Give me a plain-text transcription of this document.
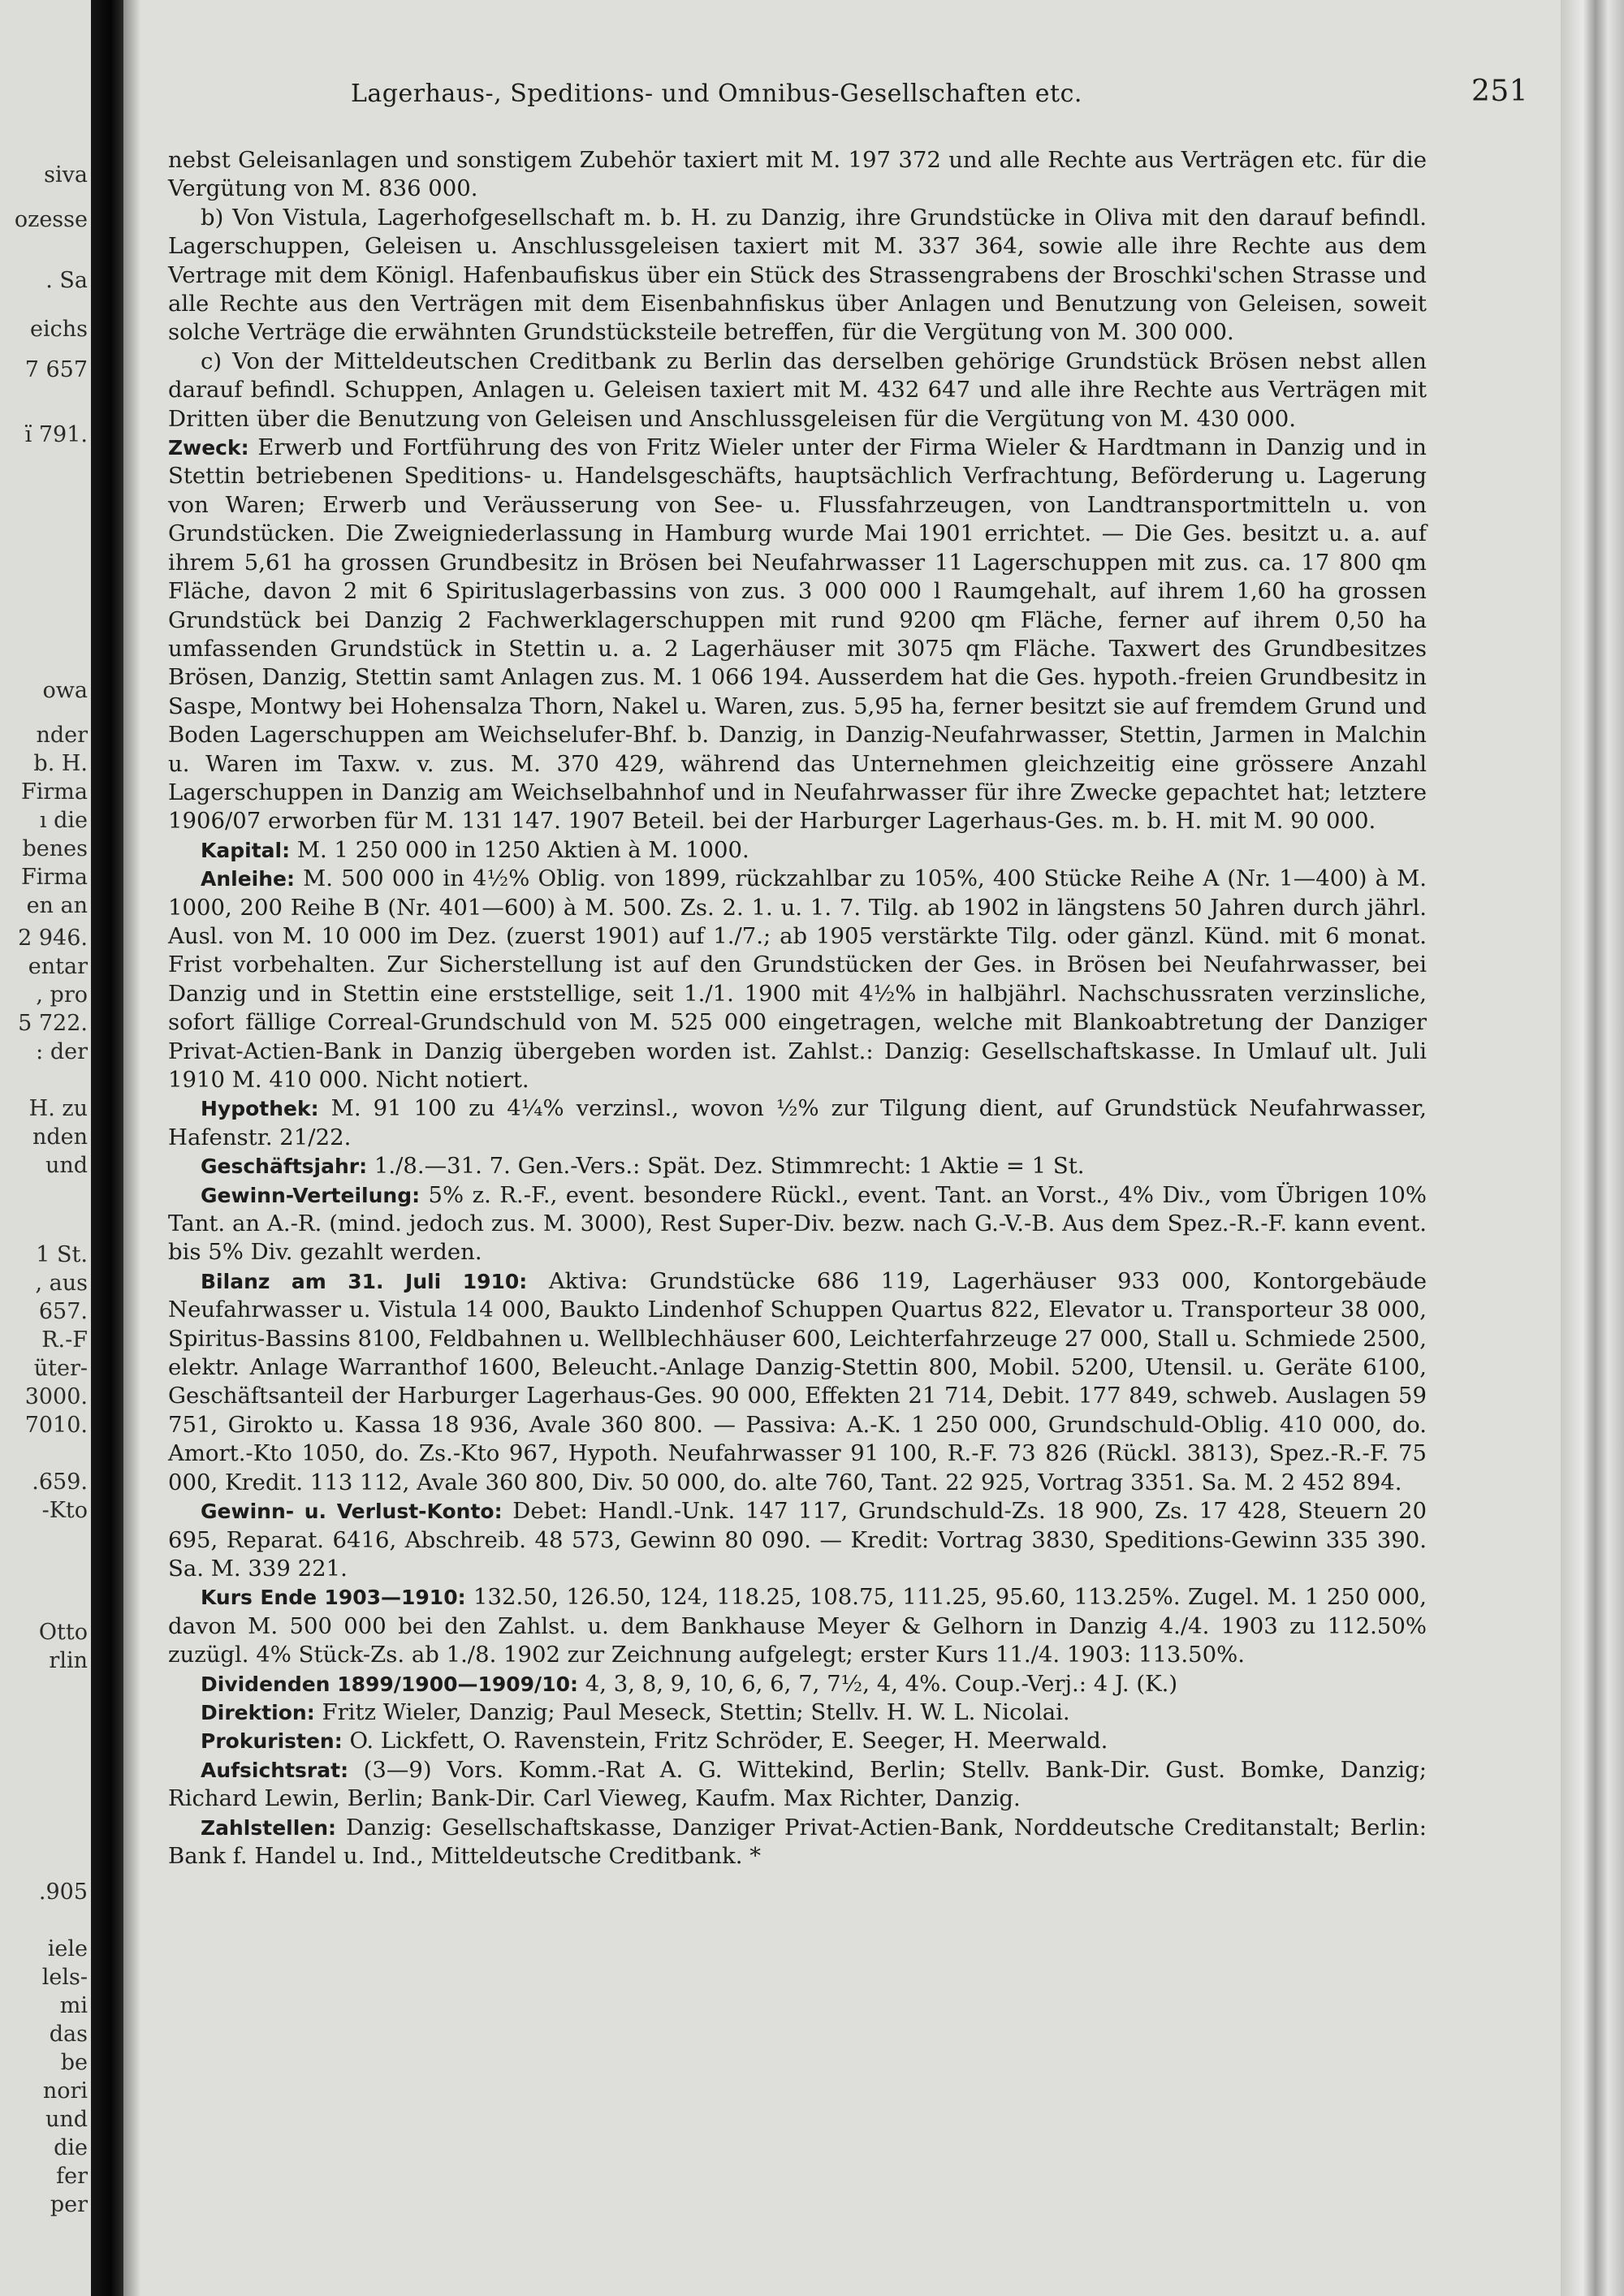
siva
ozesse
. Sa
eichs
7 657
ï 791.
owa
nder
b. H.
Firma
ı die
benes
Firma
en an
2 946.
entar
, pro
5 722.
: der
H. zu
nden
und
1 St.
, aus
657.
R.-F
üter-
3000.
7010.
.659.
-Kto
Otto
rlin
.905
iele
lels-
mi
das
be
nori
und
die
fer
per
Lagerhaus-, Speditions- und Omnibus-Gesellschaften etc.	251

nebst Geleisanlagen und sonstigem Zubehör taxiert mit M. 197 372 und alle Rechte aus Verträgen etc. für die Vergütung von M. 836 000.

b) Von Vistula, Lagerhofgesellschaft m. b. H. zu Danzig, ihre Grundstücke in Oliva mit den darauf befindl. Lagerschuppen, Geleisen u. Anschlussgeleisen taxiert mit M. 337 364, sowie alle ihre Rechte aus dem Vertrage mit dem Königl. Hafenbaufiskus über ein Stück des Strassengrabens der Broschki'schen Strasse und alle Rechte aus den Verträgen mit dem Eisenbahnfiskus über Anlagen und Benutzung von Geleisen, soweit solche Verträge die erwähnten Grundstücksteile betreffen, für die Vergütung von M. 300 000.

c) Von der Mitteldeutschen Creditbank zu Berlin das derselben gehörige Grundstück Brösen nebst allen darauf befindl. Schuppen, Anlagen u. Geleisen taxiert mit M. 432 647 und alle ihre Rechte aus Verträgen mit Dritten über die Benutzung von Geleisen und Anschlussgeleisen für die Vergütung von M. 430 000.

Zweck: Erwerb und Fortführung des von Fritz Wieler unter der Firma Wieler & Hardtmann in Danzig und in Stettin betriebenen Speditions- u. Handelsgeschäfts, hauptsächlich Verfrachtung, Beförderung u. Lagerung von Waren; Erwerb und Veräusserung von See- u. Flussfahrzeugen, von Landtransportmitteln u. von Grundstücken. Die Zweigniederlassung in Hamburg wurde Mai 1901 errichtet. — Die Ges. besitzt u. a. auf ihrem 5,61 ha grossen Grundbesitz in Brösen bei Neufahrwasser 11 Lagerschuppen mit zus. ca. 17 800 qm Fläche, davon 2 mit 6 Spirituslagerbassins von zus. 3 000 000 l Raumgehalt, auf ihrem 1,60 ha grossen Grundstück bei Danzig 2 Fachwerklagerschuppen mit rund 9200 qm Fläche, ferner auf ihrem 0,50 ha umfassenden Grundstück in Stettin u. a. 2 Lagerhäuser mit 3075 qm Fläche. Taxwert des Grundbesitzes Brösen, Danzig, Stettin samt Anlagen zus. M. 1 066 194. Ausserdem hat die Ges. hypoth.-freien Grundbesitz in Saspe, Montwy bei Hohensalza Thorn, Nakel u. Waren, zus. 5,95 ha, ferner besitzt sie auf fremdem Grund und Boden Lagerschuppen am Weichselufer-Bhf. b. Danzig, in Danzig-Neufahrwasser, Stettin, Jarmen in Malchin u. Waren im Taxw. v. zus. M. 370 429, während das Unternehmen gleichzeitig eine grössere Anzahl Lagerschuppen in Danzig am Weichselbahnhof und in Neufahrwasser für ihre Zwecke gepachtet hat; letztere 1906/07 erworben für M. 131 147. 1907 Beteil. bei der Harburger Lagerhaus-Ges. m. b. H. mit M. 90 000.

Kapital: M. 1 250 000 in 1250 Aktien à M. 1000.

Anleihe: M. 500 000 in 4½% Oblig. von 1899, rückzahlbar zu 105%, 400 Stücke Reihe A (Nr. 1—400) à M. 1000, 200 Reihe B (Nr. 401—600) à M. 500. Zs. 2. 1. u. 1. 7. Tilg. ab 1902 in längstens 50 Jahren durch jährl. Ausl. von M. 10 000 im Dez. (zuerst 1901) auf 1./7.; ab 1905 verstärkte Tilg. oder gänzl. Künd. mit 6 monat. Frist vorbehalten. Zur Sicherstellung ist auf den Grundstücken der Ges. in Brösen bei Neufahrwasser, bei Danzig und in Stettin eine erststellige, seit 1./1. 1900 mit 4½% in halbjährl. Nachschussraten verzinsliche, sofort fällige Correal-Grundschuld von M. 525 000 eingetragen, welche mit Blankoabtretung der Danziger Privat-Actien-Bank in Danzig übergeben worden ist. Zahlst.: Danzig: Gesellschaftskasse. In Umlauf ult. Juli 1910 M. 410 000. Nicht notiert.

Hypothek: M. 91 100 zu 4¼% verzinsl., wovon ½% zur Tilgung dient, auf Grundstück Neufahrwasser, Hafenstr. 21/22.

Geschäftsjahr: 1./8.—31. 7. Gen.-Vers.: Spät. Dez. Stimmrecht: 1 Aktie = 1 St.

Gewinn-Verteilung: 5% z. R.-F., event. besondere Rückl., event. Tant. an Vorst., 4% Div., vom Übrigen 10% Tant. an A.-R. (mind. jedoch zus. M. 3000), Rest Super-Div. bezw. nach G.-V.-B. Aus dem Spez.-R.-F. kann event. bis 5% Div. gezahlt werden.

Bilanz am 31. Juli 1910: Aktiva: Grundstücke 686 119, Lagerhäuser 933 000, Kontorgebäude Neufahrwasser u. Vistula 14 000, Baukto Lindenhof Schuppen Quartus 822, Elevator u. Transporteur 38 000, Spiritus-Bassins 8100, Feldbahnen u. Wellblechhäuser 600, Leichterfahrzeuge 27 000, Stall u. Schmiede 2500, elektr. Anlage Warranthof 1600, Beleucht.-Anlage Danzig-Stettin 800, Mobil. 5200, Utensil. u. Geräte 6100, Geschäftsanteil der Harburger Lagerhaus-Ges. 90 000, Effekten 21 714, Debit. 177 849, schweb. Auslagen 59 751, Girokto u. Kassa 18 936, Avale 360 800. — Passiva: A.-K. 1 250 000, Grundschuld-Oblig. 410 000, do. Amort.-Kto 1050, do. Zs.-Kto 967, Hypoth. Neufahrwasser 91 100, R.-F. 73 826 (Rückl. 3813), Spez.-R.-F. 75 000, Kredit. 113 112, Avale 360 800, Div. 50 000, do. alte 760, Tant. 22 925, Vortrag 3351. Sa. M. 2 452 894.

Gewinn- u. Verlust-Konto: Debet: Handl.-Unk. 147 117, Grundschuld-Zs. 18 900, Zs. 17 428, Steuern 20 695, Reparat. 6416, Abschreib. 48 573, Gewinn 80 090. — Kredit: Vortrag 3830, Speditions-Gewinn 335 390. Sa. M. 339 221.

Kurs Ende 1903—1910: 132.50, 126.50, 124, 118.25, 108.75, 111.25, 95.60, 113.25%. Zugel. M. 1 250 000, davon M. 500 000 bei den Zahlst. u. dem Bankhause Meyer & Gelhorn in Danzig 4./4. 1903 zu 112.50% zuzügl. 4% Stück-Zs. ab 1./8. 1902 zur Zeichnung aufgelegt; erster Kurs 11./4. 1903: 113.50%.

Dividenden 1899/1900—1909/10: 4, 3, 8, 9, 10, 6, 6, 7, 7½, 4, 4%. Coup.-Verj.: 4 J. (K.)

Direktion: Fritz Wieler, Danzig; Paul Meseck, Stettin; Stellv. H. W. L. Nicolai.

Prokuristen: O. Lickfett, O. Ravenstein, Fritz Schröder, E. Seeger, H. Meerwald.

Aufsichtsrat: (3—9) Vors. Komm.-Rat A. G. Wittekind, Berlin; Stellv. Bank-Dir. Gust. Bomke, Danzig; Richard Lewin, Berlin; Bank-Dir. Carl Vieweg, Kaufm. Max Richter, Danzig.

Zahlstellen: Danzig: Gesellschaftskasse, Danziger Privat-Actien-Bank, Norddeutsche Creditanstalt; Berlin: Bank f. Handel u. Ind., Mitteldeutsche Creditbank. *
